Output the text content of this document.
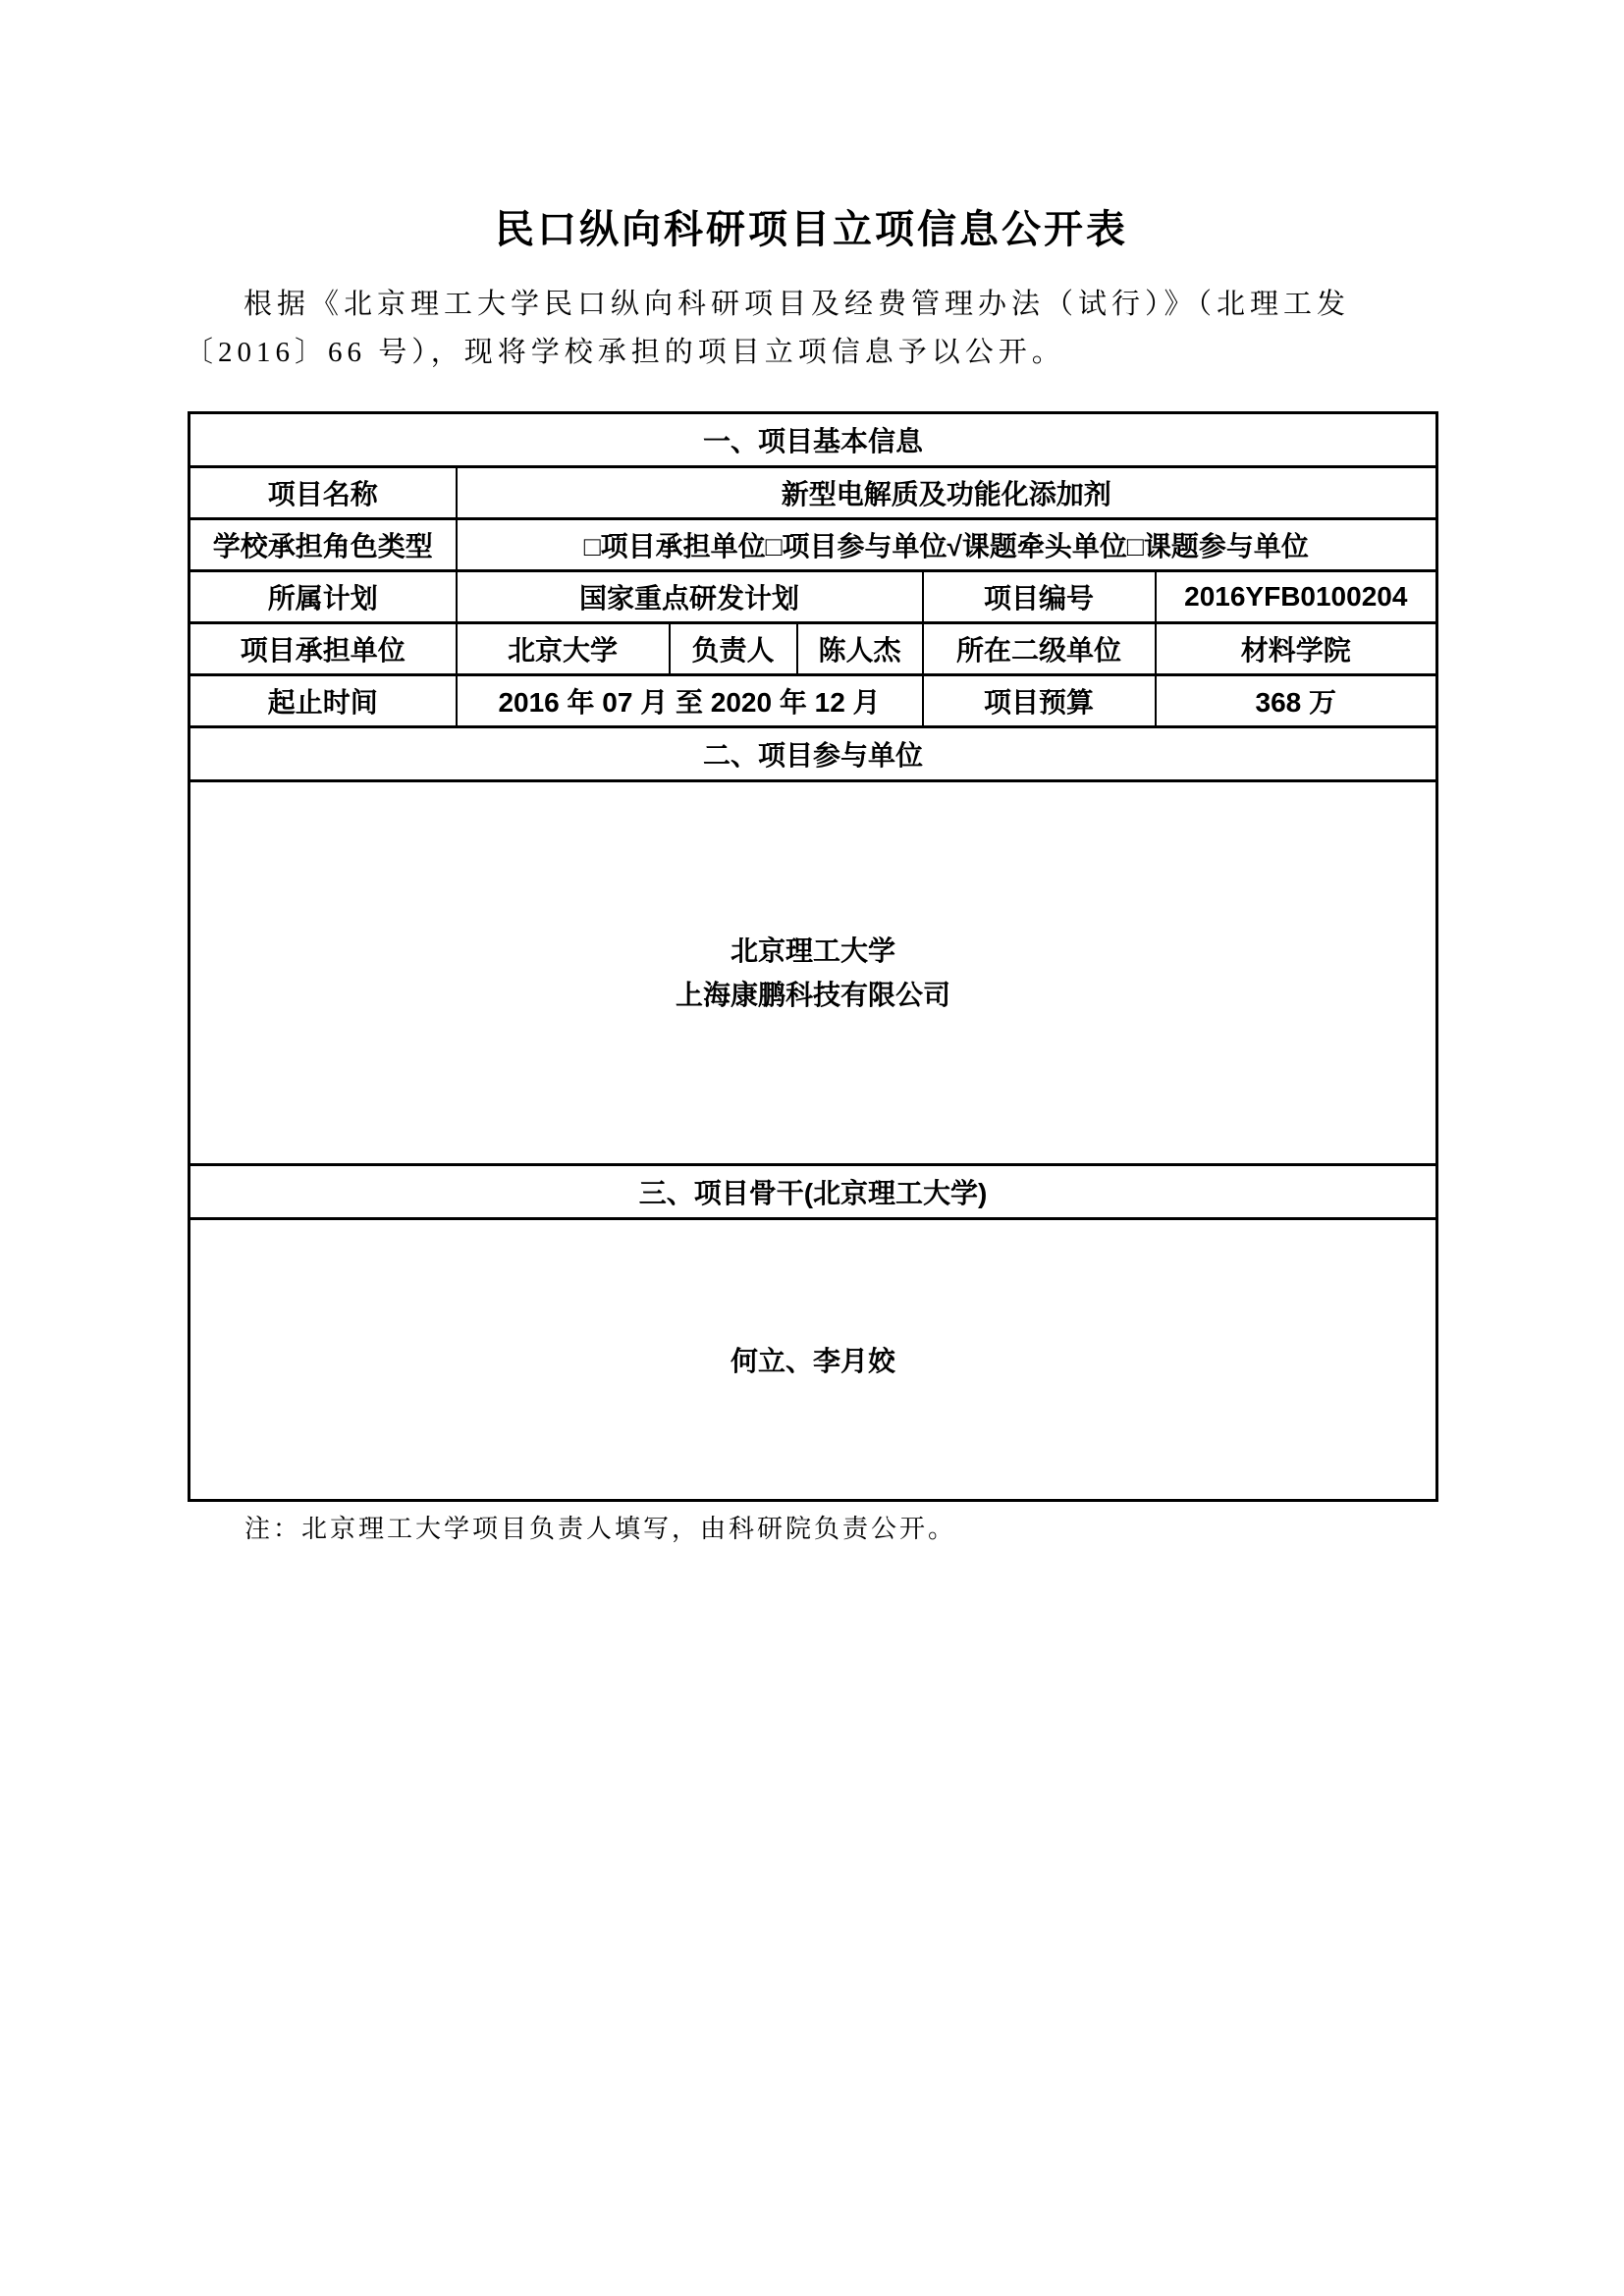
民口纵向科研项目立项信息公开表
根据《北京理工大学民口纵向科研项目及经费管理办法（试行）》（北理工发
〔2016〕66 号），现将学校承担的项目立项信息予以公开。
一、项目基本信息					
项目名称	新型电解质及功能化添加剂				
学校承担角色类型	□项目承担单位□项目参与单位√课题牵头单位□课题参与单位				
所属计划	国家重点研发计划			项目编号	2016YFB0100204
项目承担单位	北京大学	负责人	陈人杰	所在二级单位	材料学院
起止时间	2016 年 07 月 至 2020 年 12 月			项目预算	368 万
二、项目参与单位					

北京理工大学
上海康鹏科技有限公司					

三、项目骨干(北京理工大学)					
何立、李月姣					
注：北京理工大学项目负责人填写，由科研院负责公开。
